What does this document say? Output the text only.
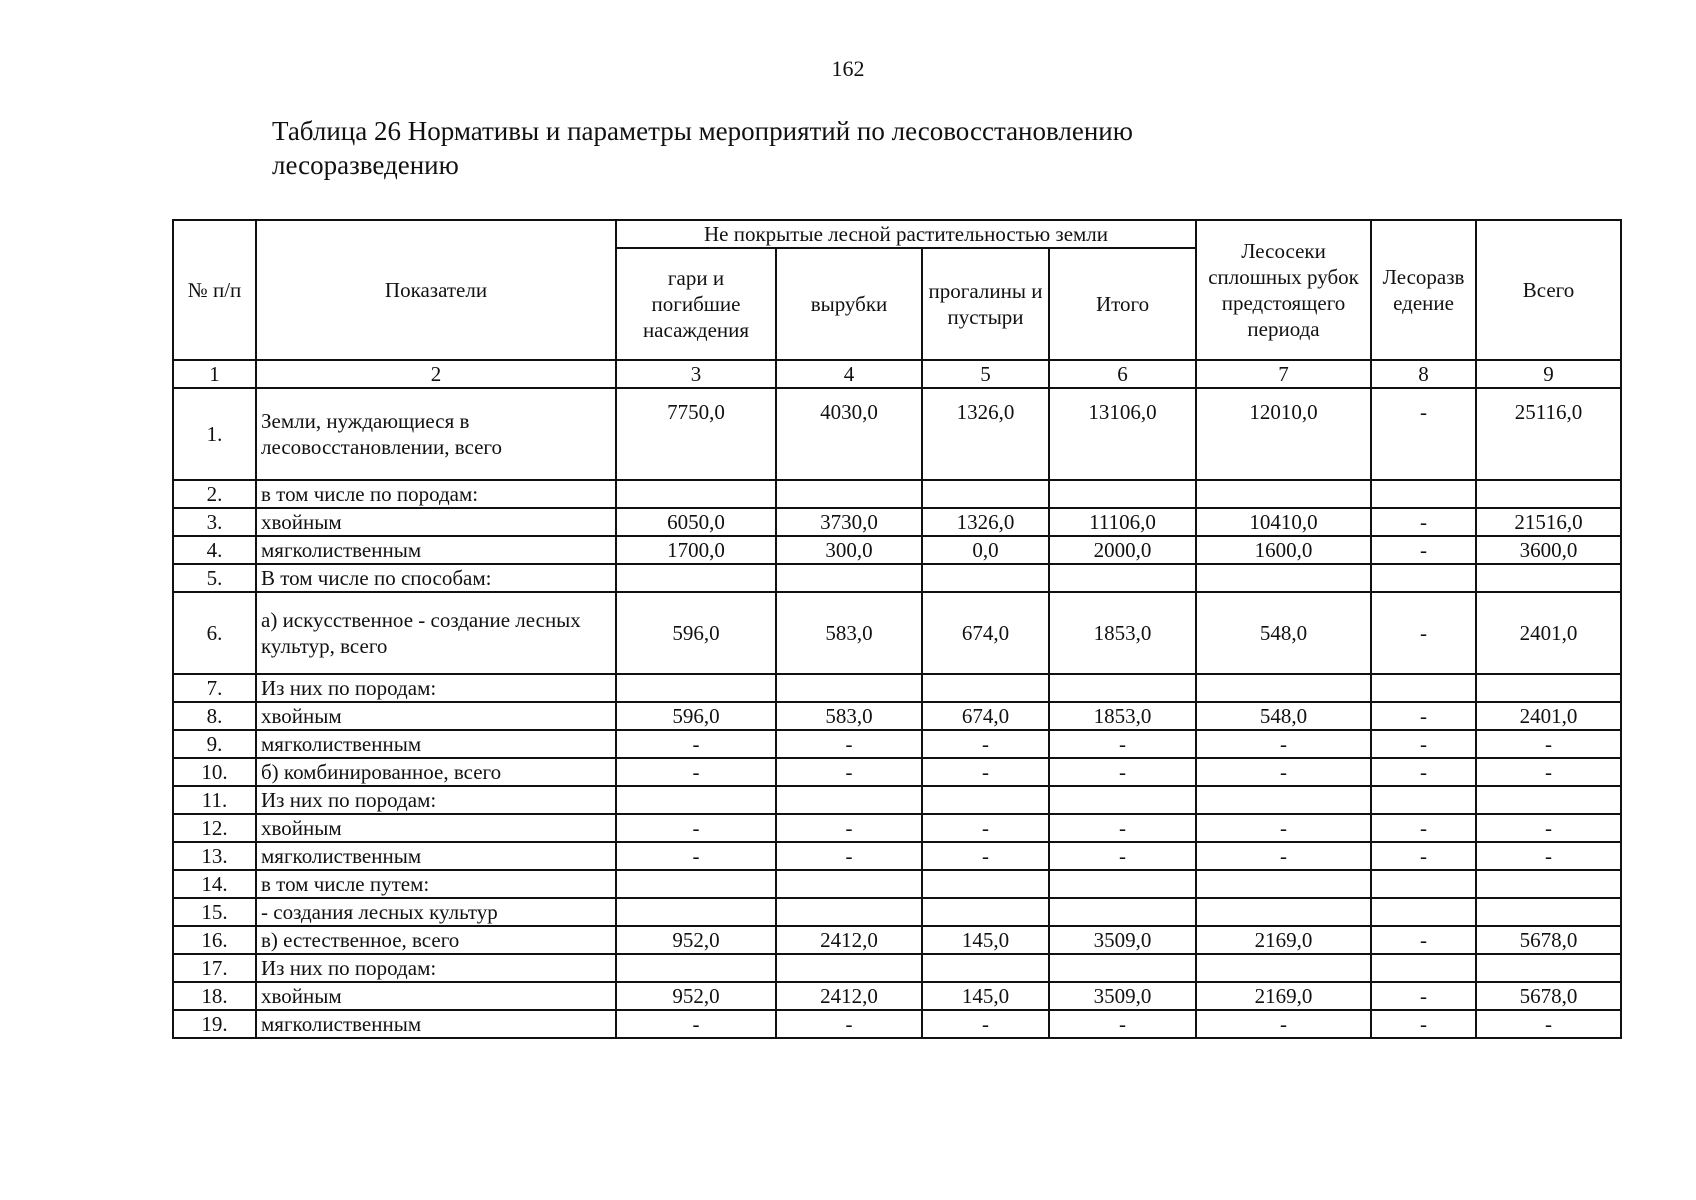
162
Таблица 26 Нормативы и параметры мероприятий по лесовосстановлению
лесоразведению
№ п/п	Показатели	Не покрытые лесной растительностью земли				Лесосеки сплошных рубок предстоящего периода	Лесоразв едение	Всего
		гари и погибшие насаждения	вырубки	прогалины и пустыри	Итого			
1	2	3	4	5	6	7	8	9
1.	Земли, нуждающиеся в лесовосстановлении, всего	7750,0	4030,0	1326,0	13106,0	12010,0	-	25116,0
2.	в том числе по породам:							
3.	хвойным	6050,0	3730,0	1326,0	11106,0	10410,0	-	21516,0
4.	мягколиственным	1700,0	300,0	0,0	2000,0	1600,0	-	3600,0
5.	В том числе по способам:							
6.	а) искусственное - создание лесных культур, всего	596,0	583,0	674,0	1853,0	548,0	-	2401,0
7.	Из них по породам:							
8.	хвойным	596,0	583,0	674,0	1853,0	548,0	-	2401,0
9.	мягколиственным	-	-	-	-	-	-	-
10.	б) комбинированное, всего	-	-	-	-	-	-	-
11.	Из них по породам:							
12.	хвойным	-	-	-	-	-	-	-
13.	мягколиственным	-	-	-	-	-	-	-
14.	в том числе путем:							
15.	- создания лесных культур							
16.	в) естественное, всего	952,0	2412,0	145,0	3509,0	2169,0	-	5678,0
17.	Из них по породам:							
18.	хвойным	952,0	2412,0	145,0	3509,0	2169,0	-	5678,0
19.	мягколиственным	-	-	-	-	-	-	-
